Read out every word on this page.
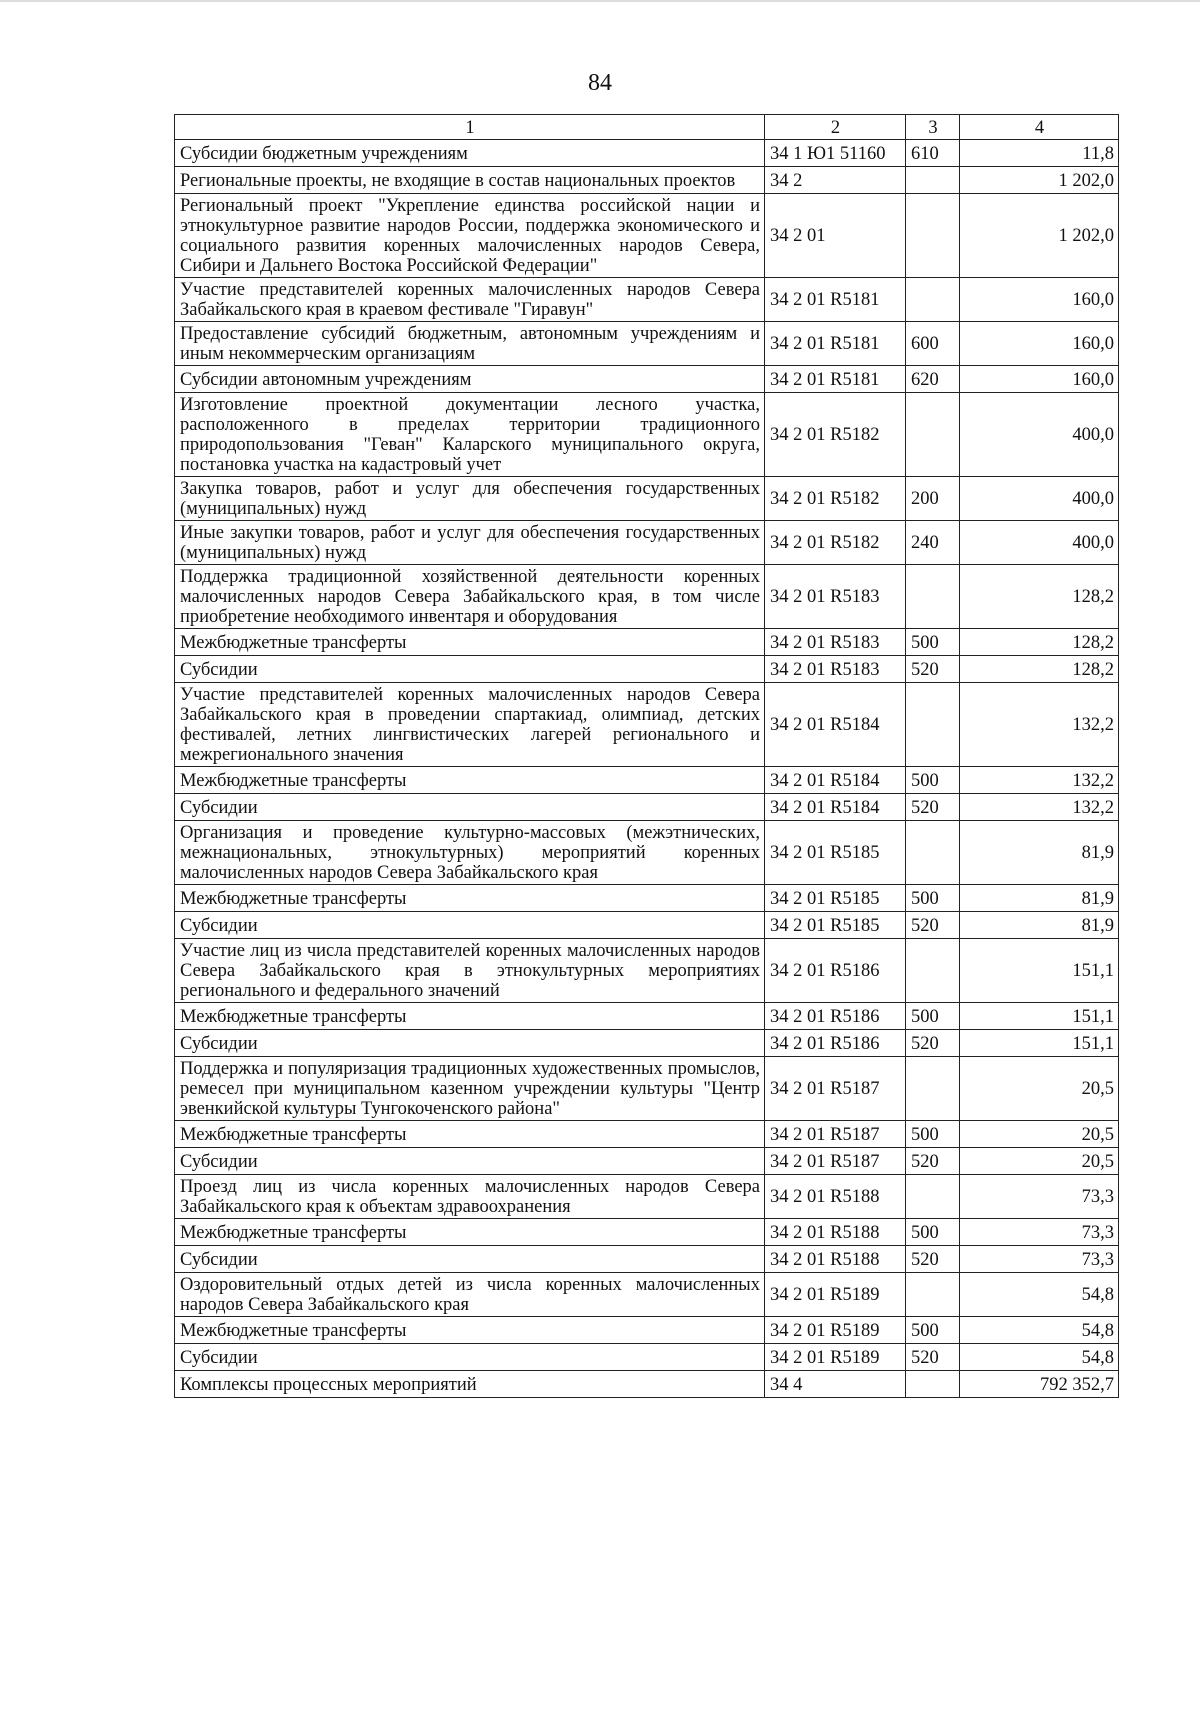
84
1	2	3	4
Субсидии бюджетным учреждениям	34 1 Ю1 51160	610	11,8
Региональные проекты, не входящие в состав национальных проектов	34 2		1 202,0
Региональный проект "Укрепление единства российской нации и этнокультурное развитие народов России, поддержка экономического и социального развития коренных малочисленных народов Севера, Сибири и Дальнего Востока Российской Федерации"	34 2 01		1 202,0
Участие представителей коренных малочисленных народов Севера Забайкальского края в краевом фестивале "Гиравун"	34 2 01 R5181		160,0
Предоставление субсидий бюджетным, автономным учреждениям и иным некоммерческим организациям	34 2 01 R5181	600	160,0
Субсидии автономным учреждениям	34 2 01 R5181	620	160,0
Изготовление проектной документации лесного участка, расположенного в пределах территории традиционного природопользования "Геван" Каларского муниципального округа, постановка участка на кадастровый учет	34 2 01 R5182		400,0
Закупка товаров, работ и услуг для обеспечения государственных (муниципальных) нужд	34 2 01 R5182	200	400,0
Иные закупки товаров, работ и услуг для обеспечения государственных (муниципальных) нужд	34 2 01 R5182	240	400,0
Поддержка традиционной хозяйственной деятельности коренных малочисленных народов Севера Забайкальского края, в том числе приобретение необходимого инвентаря и оборудования	34 2 01 R5183		128,2
Межбюджетные трансферты	34 2 01 R5183	500	128,2
Субсидии	34 2 01 R5183	520	128,2
Участие представителей коренных малочисленных народов Севера Забайкальского края в проведении спартакиад, олимпиад, детских фестивалей, летних лингвистических лагерей регионального и межрегионального значения	34 2 01 R5184		132,2
Межбюджетные трансферты	34 2 01 R5184	500	132,2
Субсидии	34 2 01 R5184	520	132,2
Организация и проведение культурно-массовых (межэтнических, межнациональных, этнокультурных) мероприятий коренных малочисленных народов Севера Забайкальского края	34 2 01 R5185		81,9
Межбюджетные трансферты	34 2 01 R5185	500	81,9
Субсидии	34 2 01 R5185	520	81,9
Участие лиц из числа представителей коренных малочисленных народов Севера Забайкальского края в этнокультурных мероприятиях регионального и федерального значений	34 2 01 R5186		151,1
Межбюджетные трансферты	34 2 01 R5186	500	151,1
Субсидии	34 2 01 R5186	520	151,1
Поддержка и популяризация традиционных художественных промыслов, ремесел при муниципальном казенном учреждении культуры "Центр эвенкийской культуры Тунгокоченского района"	34 2 01 R5187		20,5
Межбюджетные трансферты	34 2 01 R5187	500	20,5
Субсидии	34 2 01 R5187	520	20,5
Проезд лиц из числа коренных малочисленных народов Севера Забайкальского края к объектам здравоохранения	34 2 01 R5188		73,3
Межбюджетные трансферты	34 2 01 R5188	500	73,3
Субсидии	34 2 01 R5188	520	73,3
Оздоровительный отдых детей из числа коренных малочисленных народов Севера Забайкальского края	34 2 01 R5189		54,8
Межбюджетные трансферты	34 2 01 R5189	500	54,8
Субсидии	34 2 01 R5189	520	54,8
Комплексы процессных мероприятий	34 4		792 352,7
